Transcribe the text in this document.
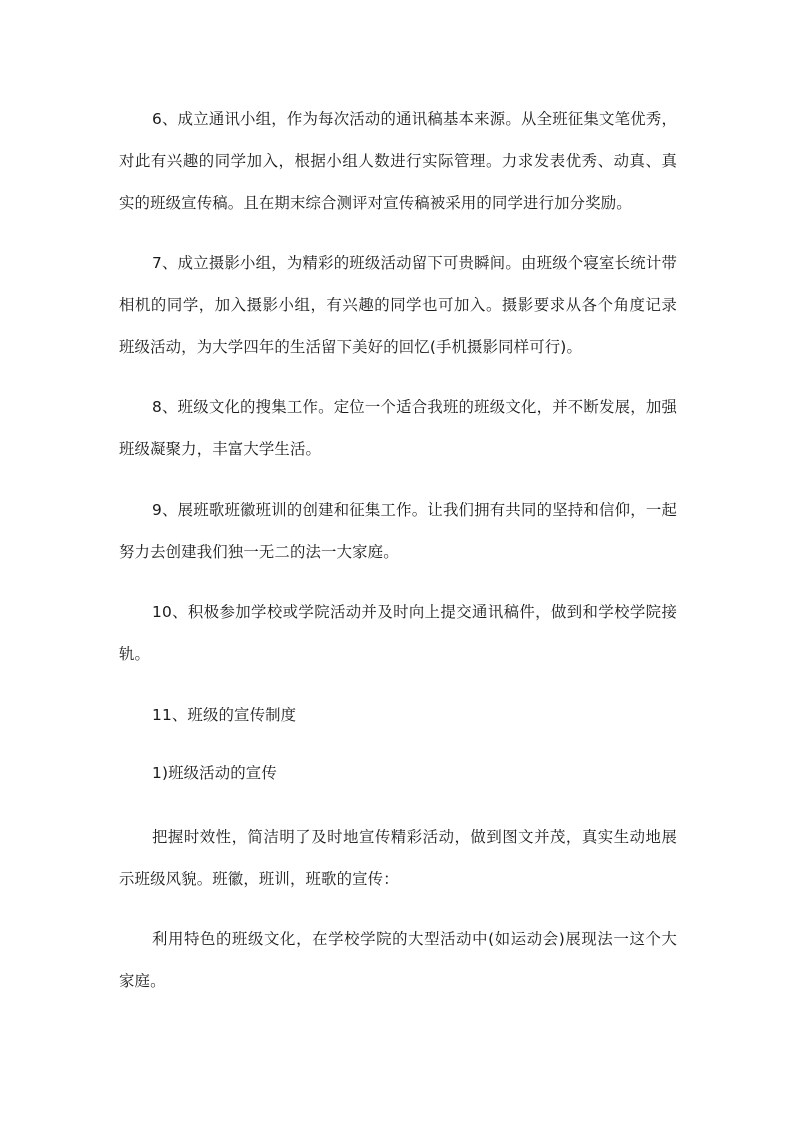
6、成立通讯小组，作为每次活动的通讯稿基本来源。从全班征集文笔优秀，对此有兴趣的同学加入，根据小组人数进行实际管理。力求发表优秀、动真、真实的班级宣传稿。且在期末综合测评对宣传稿被采用的同学进行加分奖励。

7、成立摄影小组，为精彩的班级活动留下可贵瞬间。由班级个寝室长统计带相机的同学，加入摄影小组，有兴趣的同学也可加入。摄影要求从各个角度记录班级活动，为大学四年的生活留下美好的回忆(手机摄影同样可行)。

8、班级文化的搜集工作。定位一个适合我班的班级文化，并不断发展，加强班级凝聚力，丰富大学生活。

9、展班歌班徽班训的创建和征集工作。让我们拥有共同的坚持和信仰，一起努力去创建我们独一无二的法一大家庭。

10、积极参加学校或学院活动并及时向上提交通讯稿件，做到和学校学院接轨。

11、班级的宣传制度

1)班级活动的宣传

把握时效性，简洁明了及时地宣传精彩活动，做到图文并茂，真实生动地展示班级风貌。班徽，班训，班歌的宣传：

利用特色的班级文化，在学校学院的大型活动中(如运动会)展现法一这个大家庭。
